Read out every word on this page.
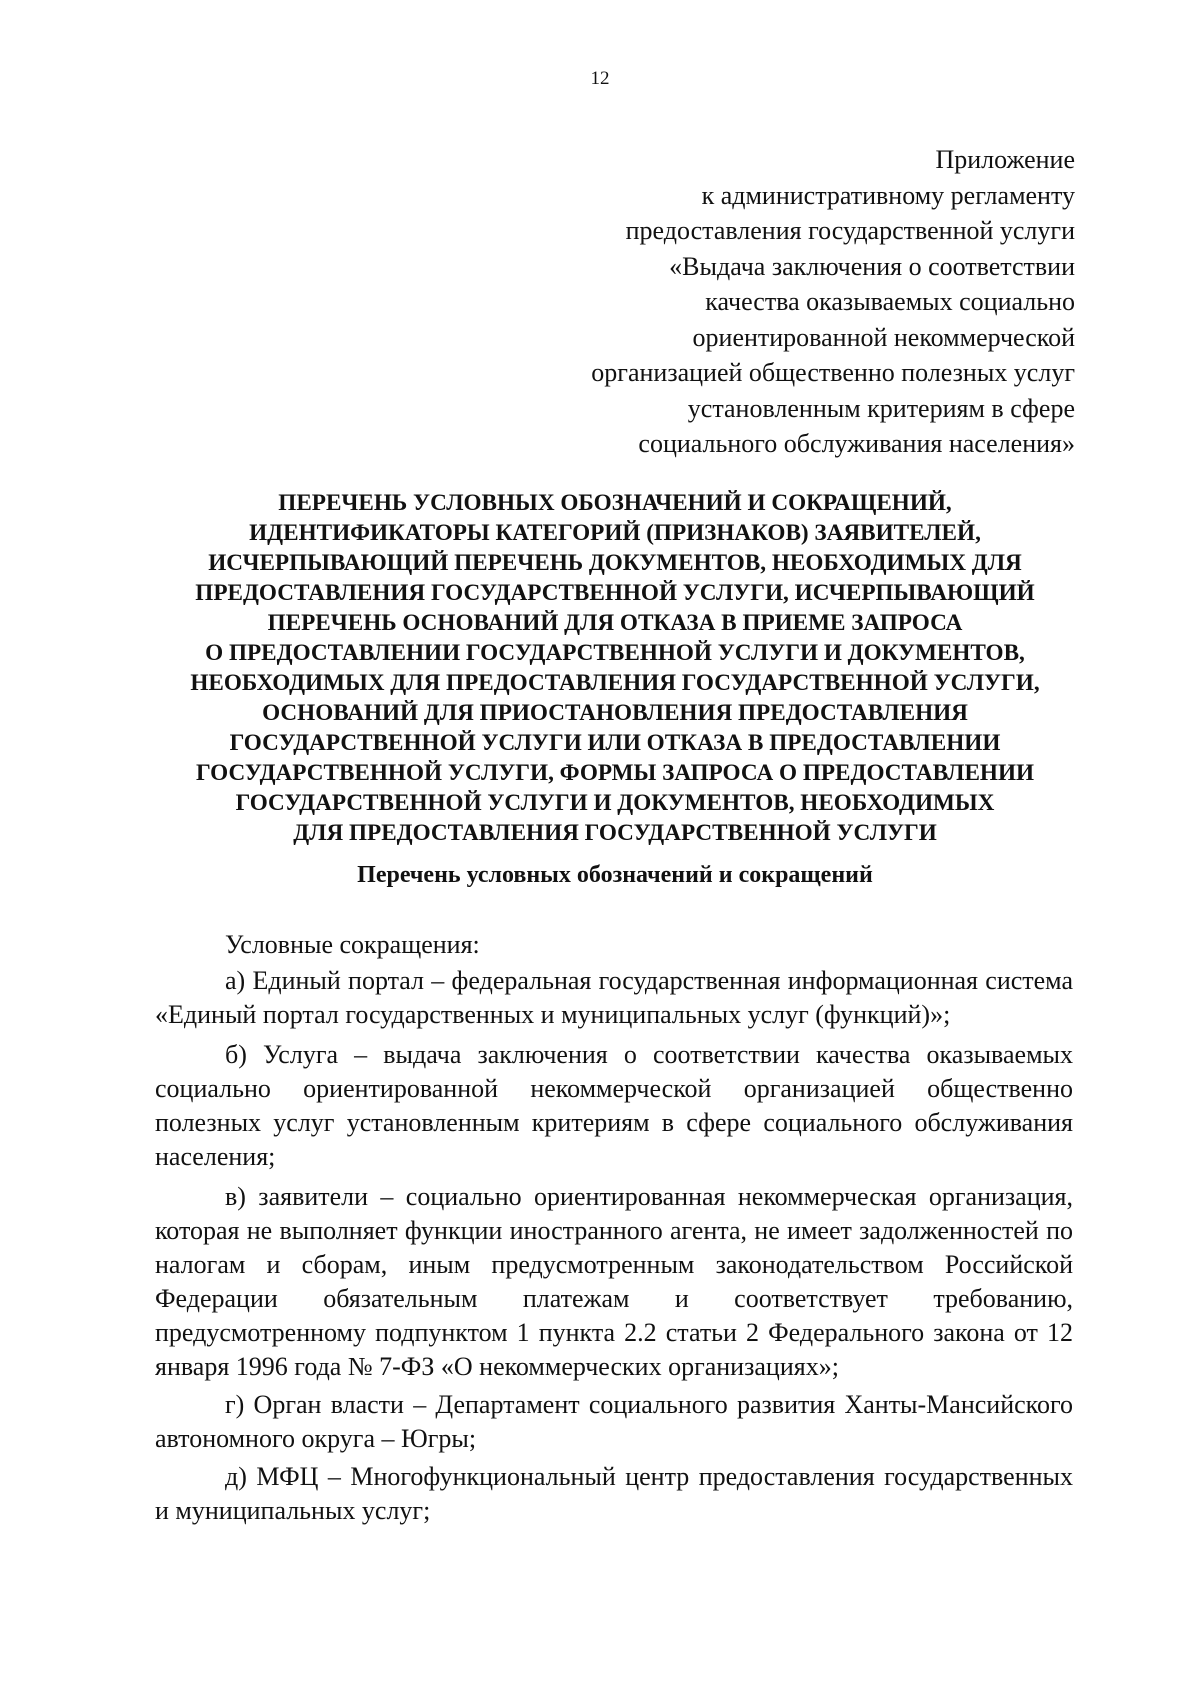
12
Приложение
к административному регламенту
предоставления государственной услуги
«Выдача заключения о соответствии
качества оказываемых социально
ориентированной некоммерческой
организацией общественно полезных услуг
установленным критериям в сфере
социального обслуживания населения»
ПЕРЕЧЕНЬ УСЛОВНЫХ ОБОЗНАЧЕНИЙ И СОКРАЩЕНИЙ,
ИДЕНТИФИКАТОРЫ КАТЕГОРИЙ (ПРИЗНАКОВ) ЗАЯВИТЕЛЕЙ,
ИСЧЕРПЫВАЮЩИЙ ПЕРЕЧЕНЬ ДОКУМЕНТОВ, НЕОБХОДИМЫХ ДЛЯ
ПРЕДОСТАВЛЕНИЯ ГОСУДАРСТВЕННОЙ УСЛУГИ, ИСЧЕРПЫВАЮЩИЙ
ПЕРЕЧЕНЬ ОСНОВАНИЙ ДЛЯ ОТКАЗА В ПРИЕМЕ ЗАПРОСА
О ПРЕДОСТАВЛЕНИИ ГОСУДАРСТВЕННОЙ УСЛУГИ И ДОКУМЕНТОВ,
НЕОБХОДИМЫХ ДЛЯ ПРЕДОСТАВЛЕНИЯ ГОСУДАРСТВЕННОЙ УСЛУГИ,
ОСНОВАНИЙ ДЛЯ ПРИОСТАНОВЛЕНИЯ ПРЕДОСТАВЛЕНИЯ
ГОСУДАРСТВЕННОЙ УСЛУГИ ИЛИ ОТКАЗА В ПРЕДОСТАВЛЕНИИ
ГОСУДАРСТВЕННОЙ УСЛУГИ, ФОРМЫ ЗАПРОСА О ПРЕДОСТАВЛЕНИИ
ГОСУДАРСТВЕННОЙ УСЛУГИ И ДОКУМЕНТОВ, НЕОБХОДИМЫХ
ДЛЯ ПРЕДОСТАВЛЕНИЯ ГОСУДАРСТВЕННОЙ УСЛУГИ
Перечень условных обозначений и сокращений

Условные сокращения:

а) Единый портал – федеральная государственная информационная система «Единый портал государственных и муниципальных услуг (функций)»;

б) Услуга – выдача заключения о соответствии качества оказываемых социально ориентированной некоммерческой организацией общественно полезных услуг установленным критериям в сфере социального обслуживания населения;

в) заявители – социально ориентированная некоммерческая организация, которая не выполняет функции иностранного агента, не имеет задолженностей по налогам и сборам, иным предусмотренным законодательством Российской Федерации обязательным платежам и соответствует требованию, предусмотренному подпунктом 1 пункта 2.2 статьи 2 Федерального закона от 12 января 1996 года № 7-ФЗ «О некоммерческих организациях»;

г) Орган власти – Департамент социального развития Ханты-Мансийского автономного округа – Югры;

д) МФЦ – Многофункциональный центр предоставления государственных и муниципальных услуг;
